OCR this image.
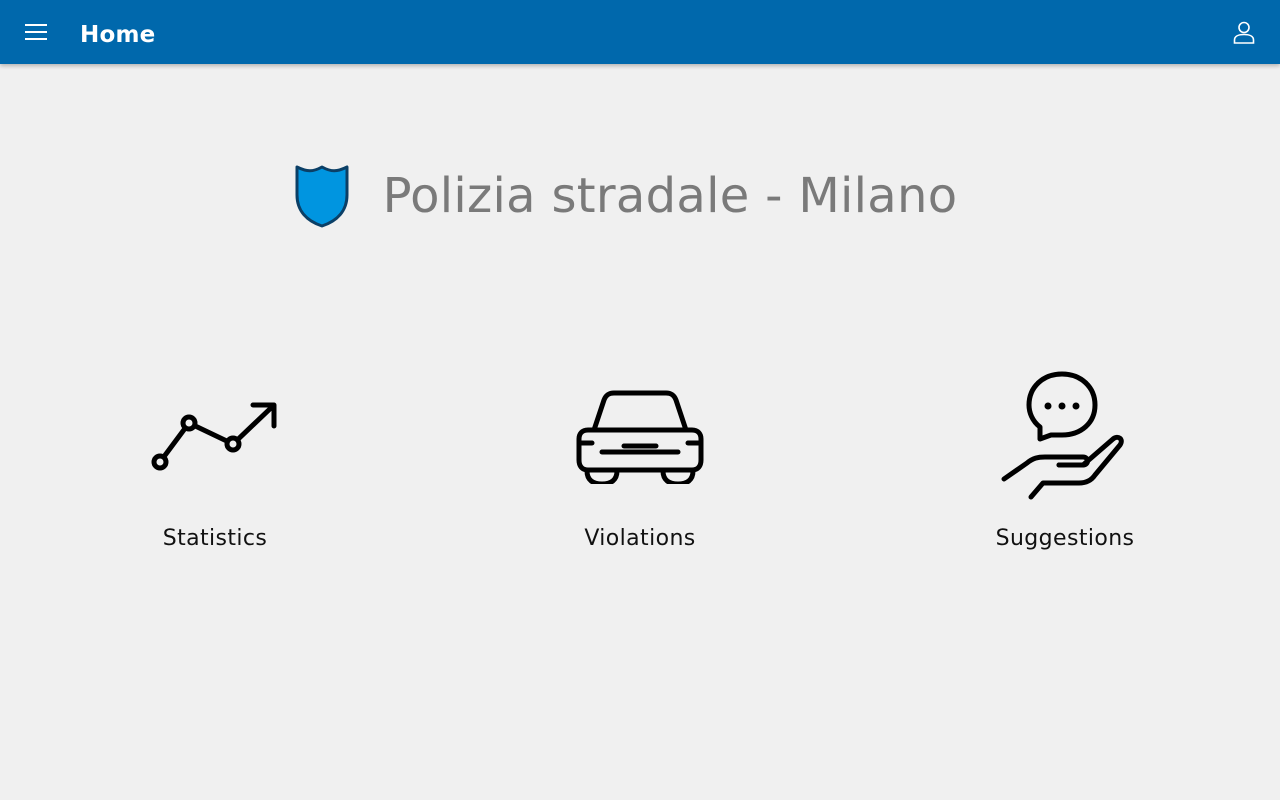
Home
Polizia stradale - Milano
Statistics	Violations	Suggestions
